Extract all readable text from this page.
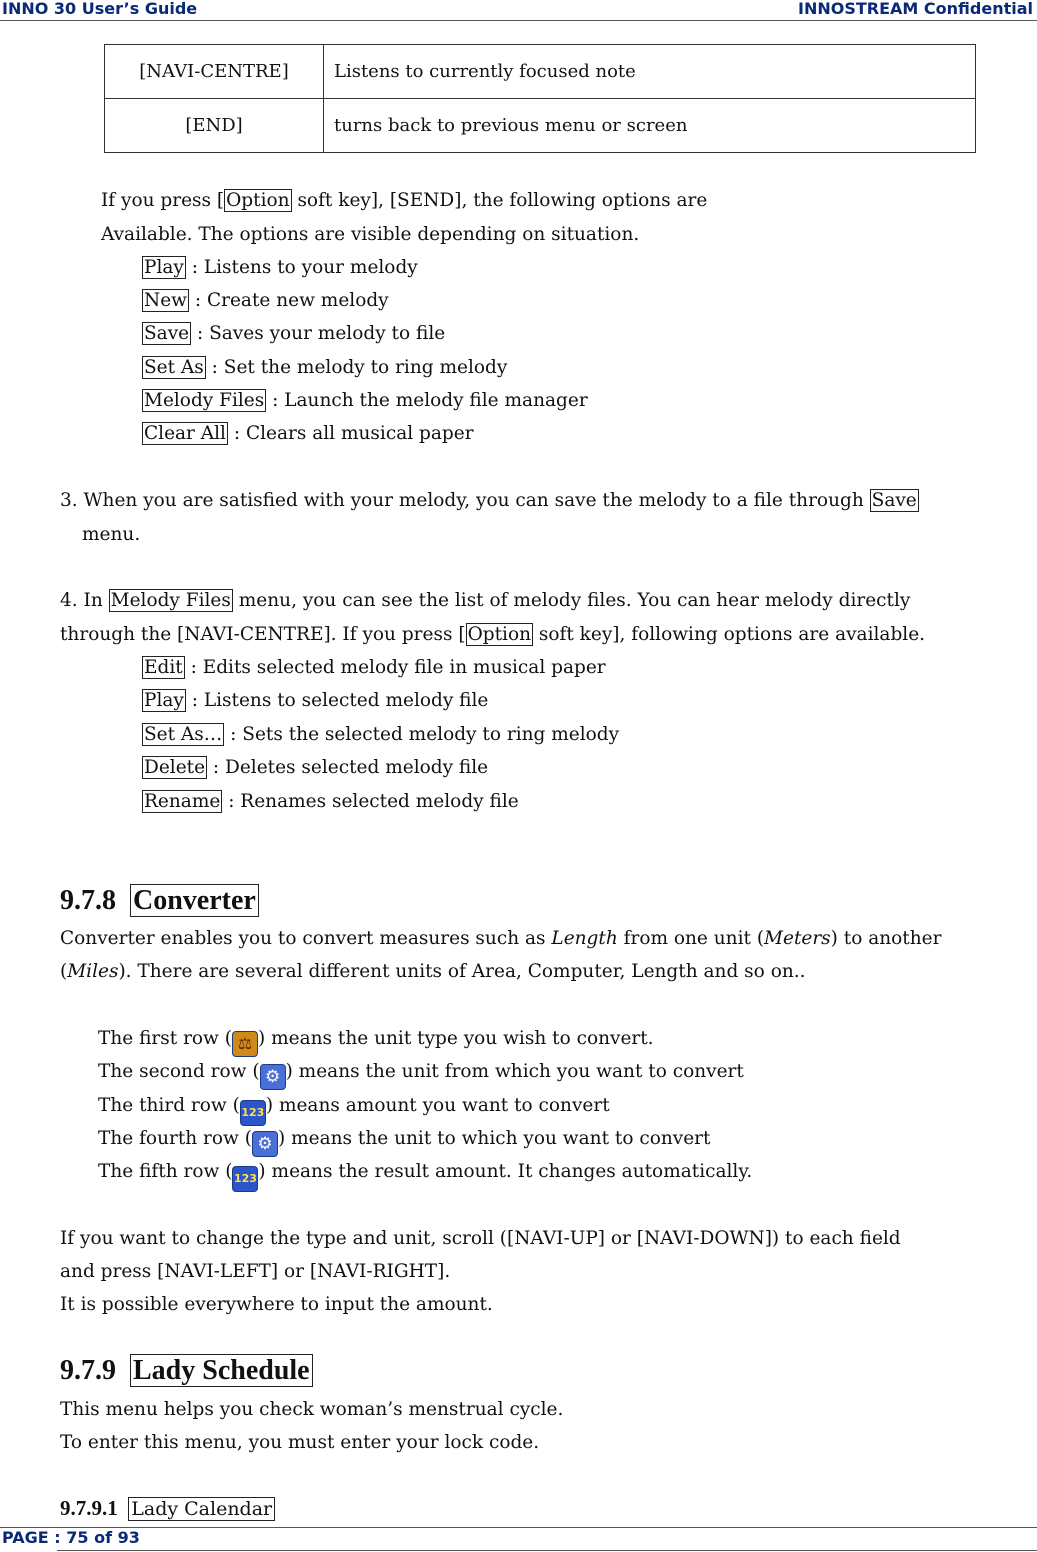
INNO 30 User’s Guide	INNOSTREAM Confidential
[NAVI-CENTRE]	Listens to currently focused note
[END]	turns back to previous menu or screen
If you press [ Option soft key], [SEND], the following options are
Available. The options are visible depending on situation.
Play : Listens to your melody
New : Create new melody
Save : Saves your melody to file
Set As : Set the melody to ring melody
Melody Files : Launch the melody file manager
Clear All : Clears all musical paper
3. When you are satisfied with your melody, you can save the melody to a file through Save
menu.
4. In Melody Files menu, you can see the list of melody files. You can hear melody directly
through the [NAVI-CENTRE]. If you press [ Option soft key], following options are available.
Edit : Edits selected melody file in musical paper
Play : Listens to selected melody file
Set As… : Sets the selected melody to ring melody
Delete : Deletes selected melody file
Rename : Renames selected melody file
9.7.8 Converter
Converter enables you to convert measures such as Length from one unit (Meters) to another
(Miles). There are several different units of Area, Computer, Length and so on..
The first row ( ⚖ ) means the unit type you wish to convert.
The second row ( ⚙ ) means the unit from which you want to convert
The third row ( 123) means amount you want to convert
The fourth row ( ⚙ ) means the unit to which you want to convert
The fifth row ( 123) means the result amount. It changes automatically.
If you want to change the type and unit, scroll ([NAVI-UP] or [NAVI-DOWN]) to each field
and press [NAVI-LEFT] or [NAVI-RIGHT].
It is possible everywhere to input the amount.
9.7.9 Lady Schedule
This menu helps you check woman’s menstrual cycle.
To enter this menu, you must enter your lock code.
9.7.9.1 Lady Calendar
PAGE : 75 of 93
